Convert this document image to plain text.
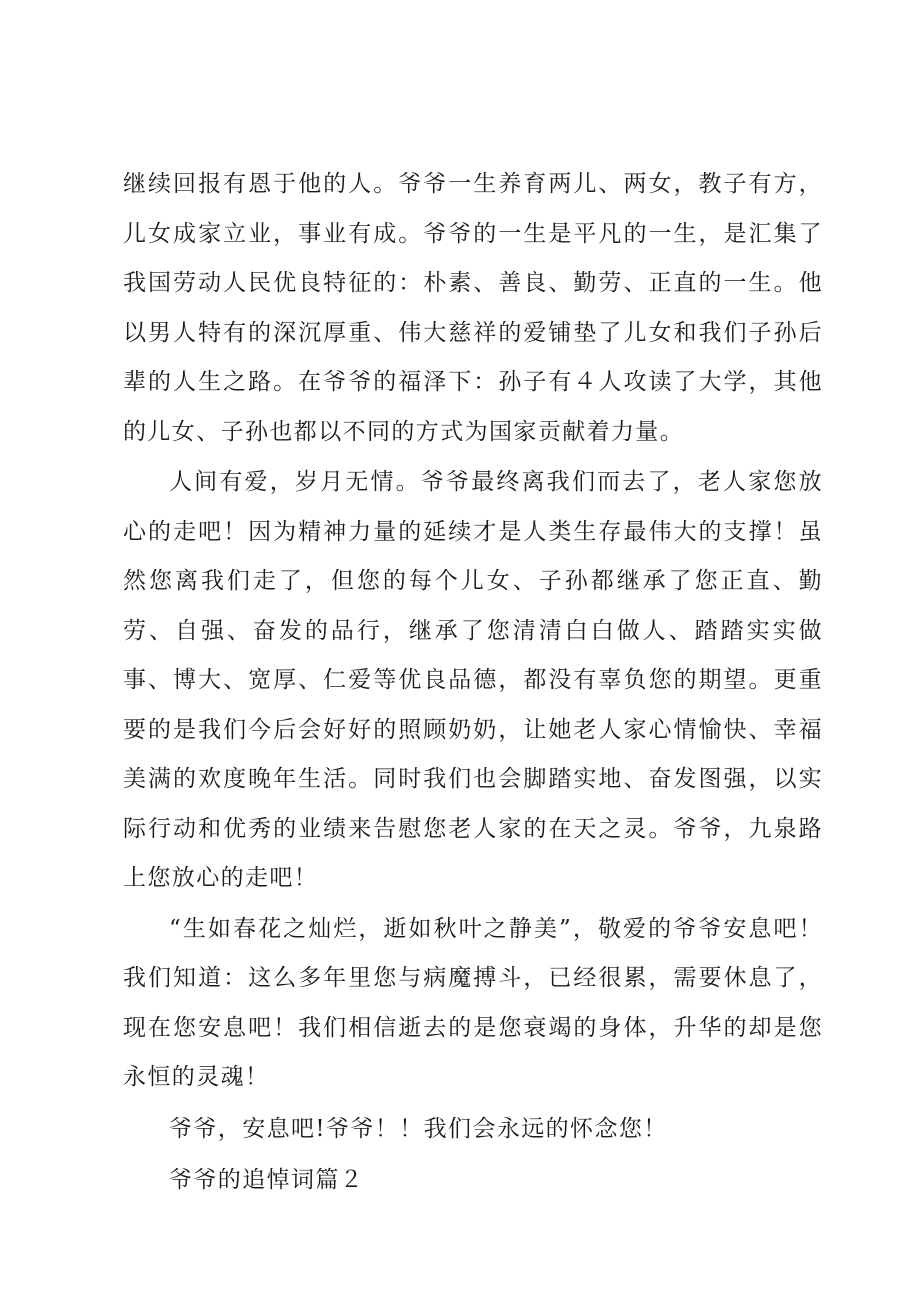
继续回报有恩于他的人。爷爷一生养育两儿、两女，教子有方，儿女成家立业，事业有成。爷爷的一生是平凡的一生，是汇集了我国劳动人民优良特征的：朴素、善良、勤劳、正直的一生。他以男人特有的深沉厚重、伟大慈祥的爱铺垫了儿女和我们子孙后辈的人生之路。在爷爷的福泽下：孙子有４人攻读了大学，其他的儿女、子孙也都以不同的方式为国家贡献着力量。

人间有爱，岁月无情。爷爷最终离我们而去了，老人家您放心的走吧！因为精神力量的延续才是人类生存最伟大的支撑！虽然您离我们走了，但您的每个儿女、子孙都继承了您正直、勤劳、自强、奋发的品行，继承了您清清白白做人、踏踏实实做事、博大、宽厚、仁爱等优良品德，都没有辜负您的期望。更重要的是我们今后会好好的照顾奶奶，让她老人家心情愉快、幸福美满的欢度晚年生活。同时我们也会脚踏实地、奋发图强，以实际行动和优秀的业绩来告慰您老人家的在天之灵。爷爷，九泉路上您放心的走吧！

“生如春花之灿烂，逝如秋叶之静美”，敬爱的爷爷安息吧！我们知道：这么多年里您与病魔搏斗，已经很累，需要休息了，现在您安息吧！我们相信逝去的是您衰竭的身体，升华的却是您永恒的灵魂！

爷爷，安息吧!爷爷！！我们会永远的怀念您！

爷爷的追悼词篇２
